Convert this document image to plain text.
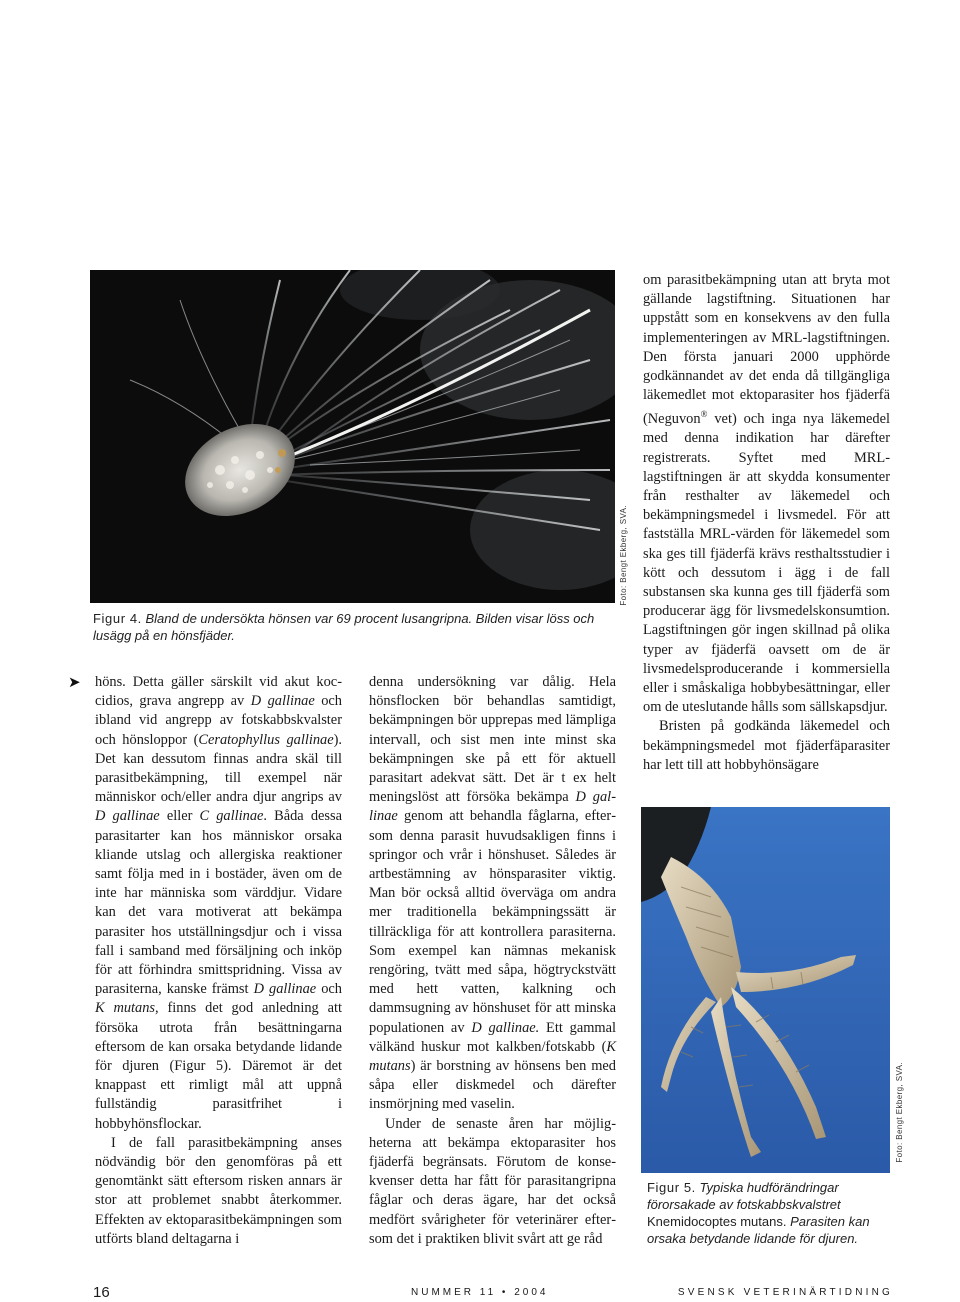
Foto: Bengt Ekberg, SVA.
Figur 4. Bland de undersökta hönsen var 69 procent lusangripna. Bilden visar löss och lusägg på en hönsfjäder.
➤ höns. Detta gäller särskilt vid akut koccidios, grava angrepp av D gallinae och ibland vid angrepp av fotskabbskvalster och hönsloppor (Ceratophyllus gallinae). Det kan dessutom finnas andra skäl till parasitbekämpning, till exempel när människor och/eller andra djur angrips av D gallinae eller C gallinae. Båda dessa parasitarter kan hos människor orsaka kliande utslag och allergiska reaktioner samt följa med in i bostäder, även om de inte har människa som värddjur. Vidare kan det vara motiverat att bekämpa parasiter hos utställningsdjur och i vissa fall i samband med försäljning och inköp för att förhindra smittspridning. Vissa av parasiterna, kanske främst D gallinae och K mutans, finns det god anledning att försöka utrota från besättningarna eftersom de kan orsaka betydande lidande för djuren (Figur 5). Däremot är det knappast ett rimligt mål att uppnå fullständig parasitfrihet i hobbyhönsflockar.

I de fall parasitbekämpning anses nödvändig bör den genomföras på ett genomtänkt sätt eftersom risken annars är stor att problemet snabbt återkommer. Effekten av ektoparasitbekämpningen som utförts bland deltagarna i

denna undersökning var dålig. Hela hönsflocken bör behandlas samtidigt, bekämpningen bör upprepas med lämpliga intervall, och sist men inte minst ska bekämpningen ske på ett för aktuell parasitart adekvat sätt. Det är t ex helt meningslöst att försöka bekämpa D gallinae genom att behandla fåglarna, eftersom denna parasit huvudsakligen finns i springor och vrår i hönshuset. Således är artbestämning av hönsparasiter viktig. Man bör också alltid överväga om andra mer traditionella bekämpningssätt är tillräckliga för att kontrollera parasiterna. Som exempel kan nämnas mekanisk rengöring, tvätt med såpa, högtryckstvätt med hett vatten, kalkning och dammsugning av hönshuset för att minska populationen av D gallinae. Ett gammal välkänd huskur mot kalkben/fotskabb (K mutans) är borstning av hönsens ben med såpa eller diskmedel och därefter insmörjning med vaselin.

Under de senaste åren har möjligheterna att bekämpa ektoparasiter hos fjäderfä begränsats. Förutom de konsekvenser detta har fått för parasitangripna fåglar och deras ägare, har det också medfört svårigheter för veterinärer eftersom det i praktiken blivit svårt att ge råd

om parasitbekämpning utan att bryta mot gällande lagstiftning. Situationen har uppstått som en konsekvens av den fulla implementeringen av MRL-lagstiftningen. Den första januari 2000 upphörde godkännandet av det enda då tillgängliga läkemedlet mot ektoparasiter hos fjäderfä (Neguvon® vet) och inga nya läkemedel med denna indikation har därefter registrerats. Syftet med MRL-lagstiftningen är att skydda konsumenter från resthalter av läkemedel och bekämpningsmedel i livsmedel. För att fastställa MRL-värden för läkemedel som ska ges till fjäderfä krävs resthaltsstudier i kött och dessutom i ägg i de fall substansen ska kunna ges till fjäderfä som producerar ägg för livsmedelskonsumtion. Lagstiftningen gör ingen skillnad på olika typer av fjäderfä oavsett om de är livsmedelsproducerande i kommersiella eller i småskaliga hobbybesättningar, eller om de uteslutande hålls som sällskapsdjur.

Bristen på godkända läkemedel och bekämpningsmedel mot fjäderfäparasiter har lett till att hobbyhönsägare

Foto: Bengt Ekberg, SVA.
Figur 5. Typiska hudförändringar förorsakade av fotskabbskvalstret Knemidocoptes mutans. Parasiten kan orsaka betydande lidande för djuren.
16	NUMMER 11 • 2004	SVENSK VETERINÄRTIDNING
